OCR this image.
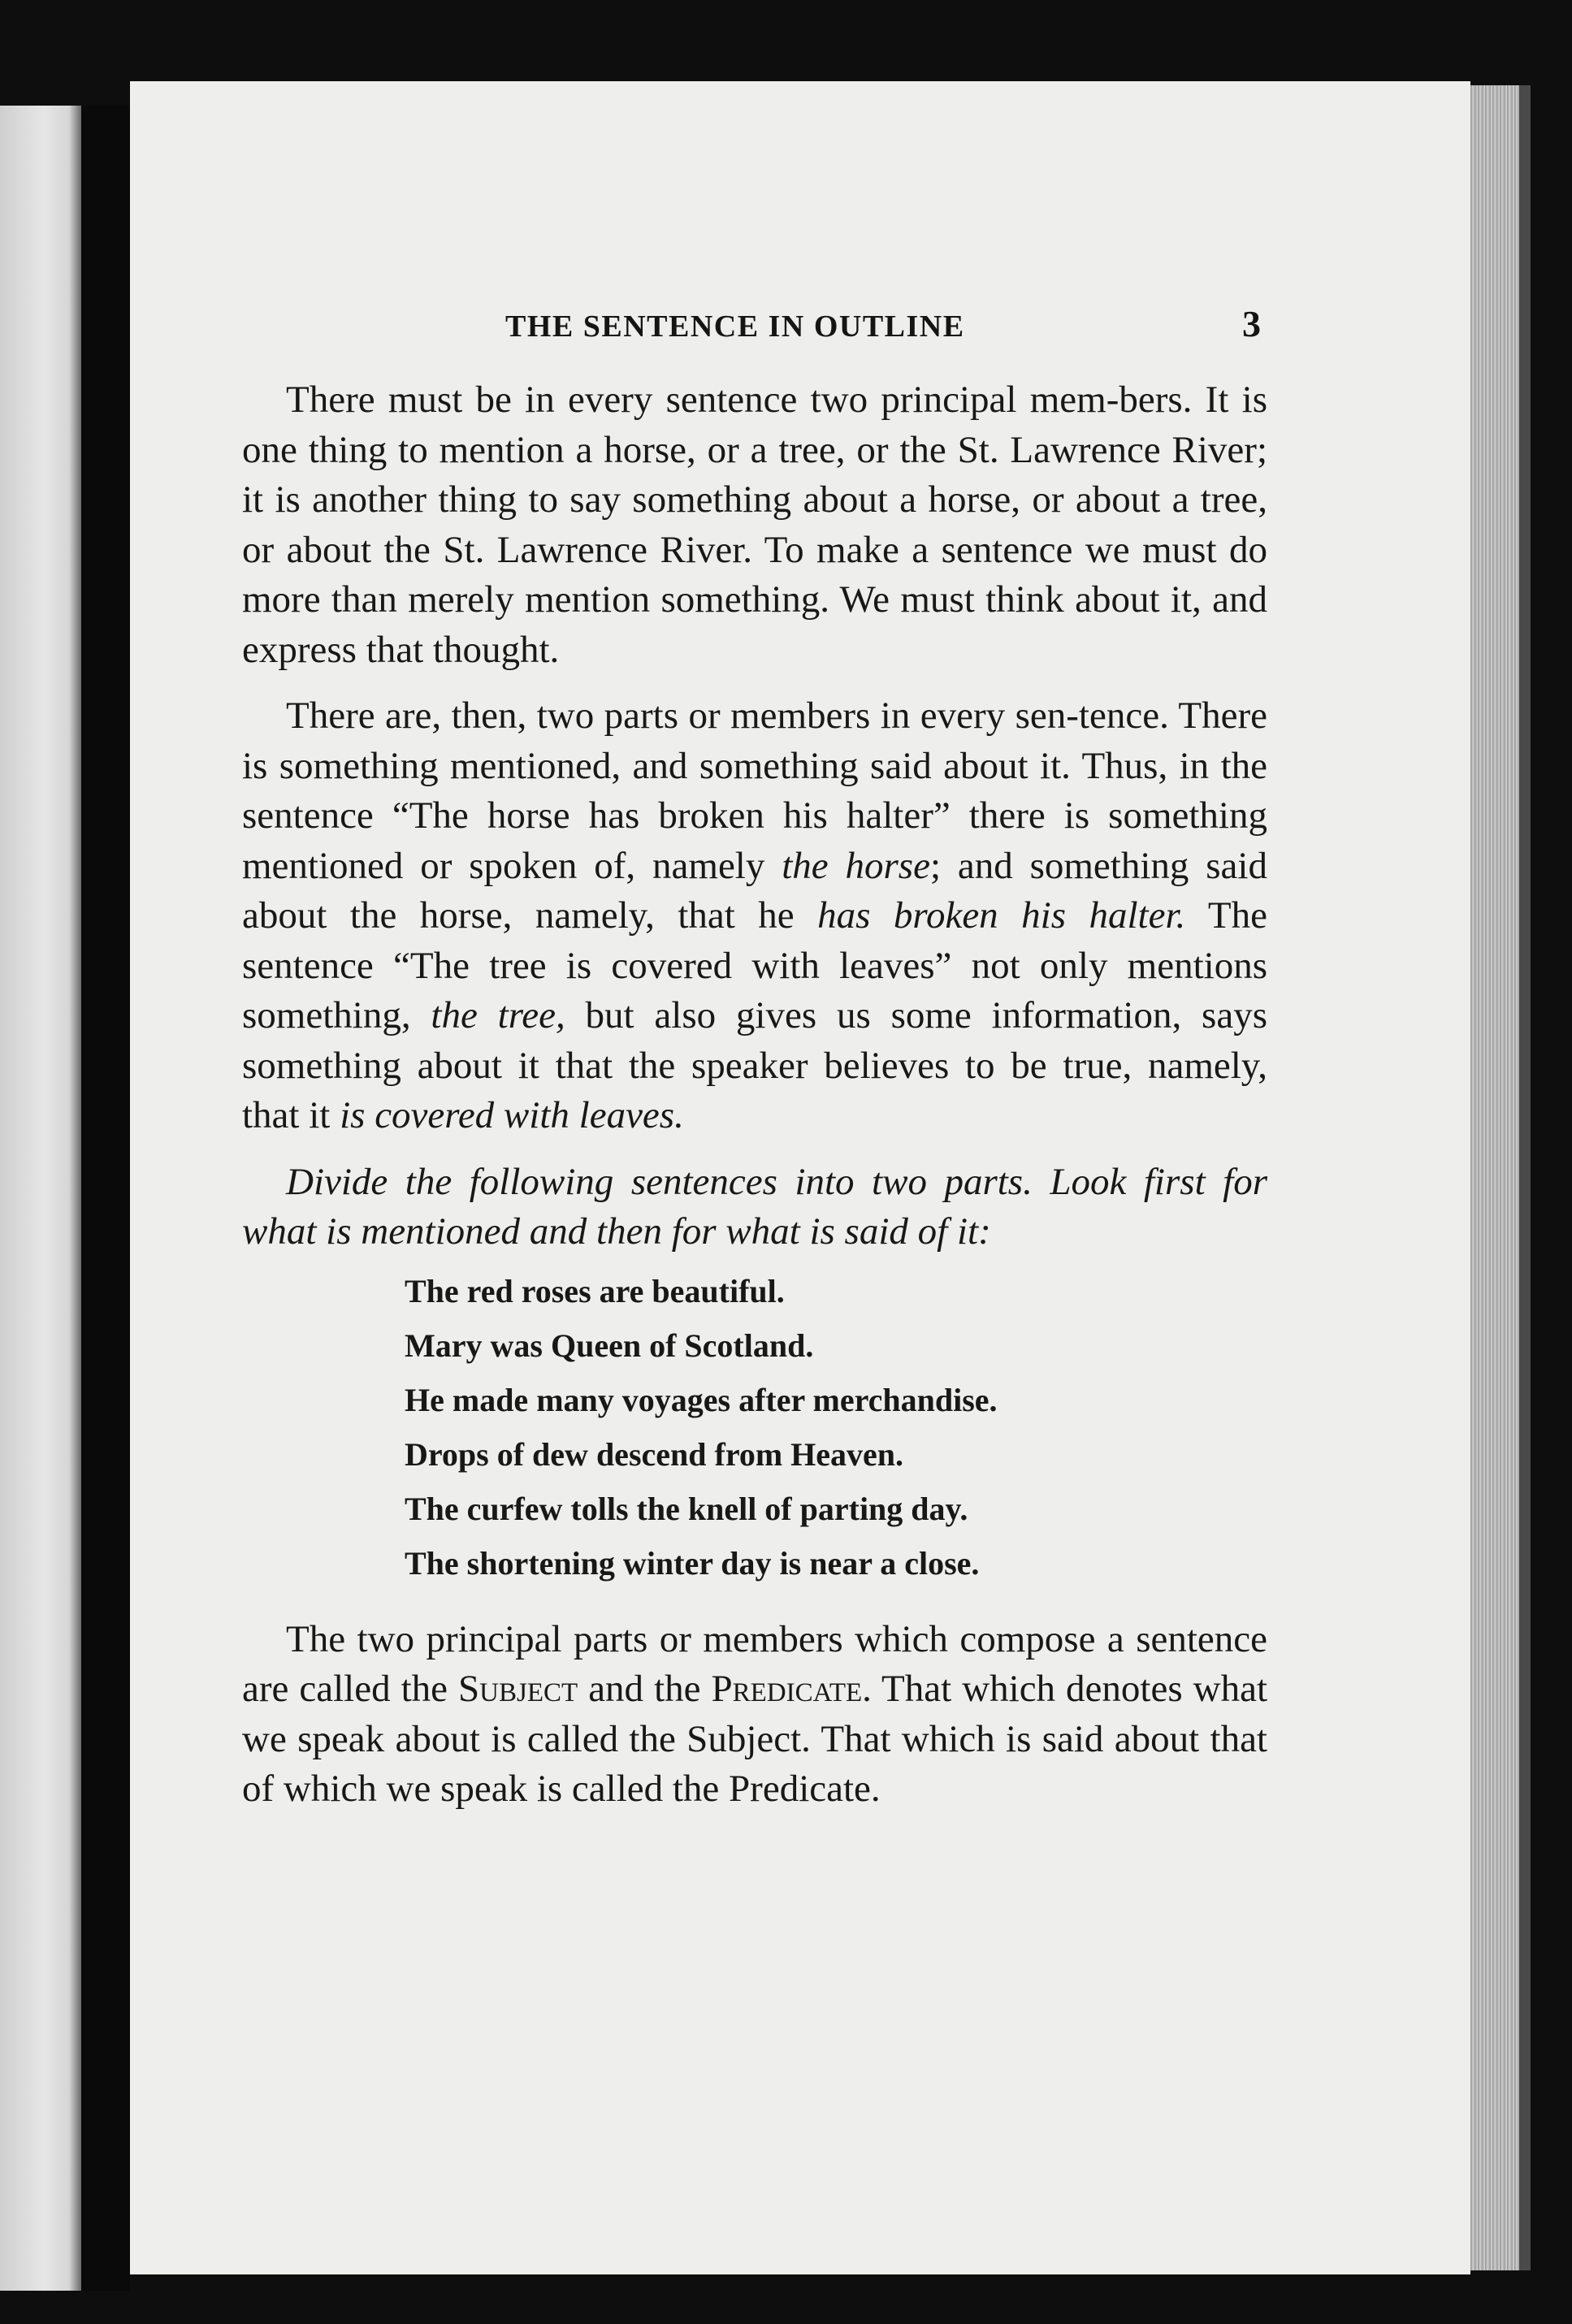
THE SENTENCE IN OUTLINE	3

Therе must be in every sentence two principal mem-bers. It is one thing to mention a horse, or a tree, or the St. Lawrence River; it is another thing to say something about a horse, or about a tree, or about the St. Lawrence River. To make a sentence we must do more than merely mention something. We must think about it, and express that thought.

There are, then, two parts or members in every sen-tence. There is something mentioned, and something said about it. Thus, in the sentence “The horse has broken his halter” there is something mentioned or spoken of, namely the horse; and something said about the horse, namely, that he has broken his halter. The sentence “The tree is covered with leaves” not only mentions something, the tree, but also gives us some information, says something about it that the speaker believes to be true, namely, that it is covered with leaves.

Divide the following sentences into two parts. Look first for what is mentioned and then for what is said of it:

The red roses are beautiful.
Mary was Queen of Scotland.
He made many voyages after merchandise.
Drops of dew descend from Heaven.
The curfew tolls the knell of parting day.
The shortening winter day is near a close.

The two principal parts or members which compose a sentence are called the Subject and the Predicate. That which denotes what we speak about is called the Subject. That which is said about that of which we speak is called the Predicate.
